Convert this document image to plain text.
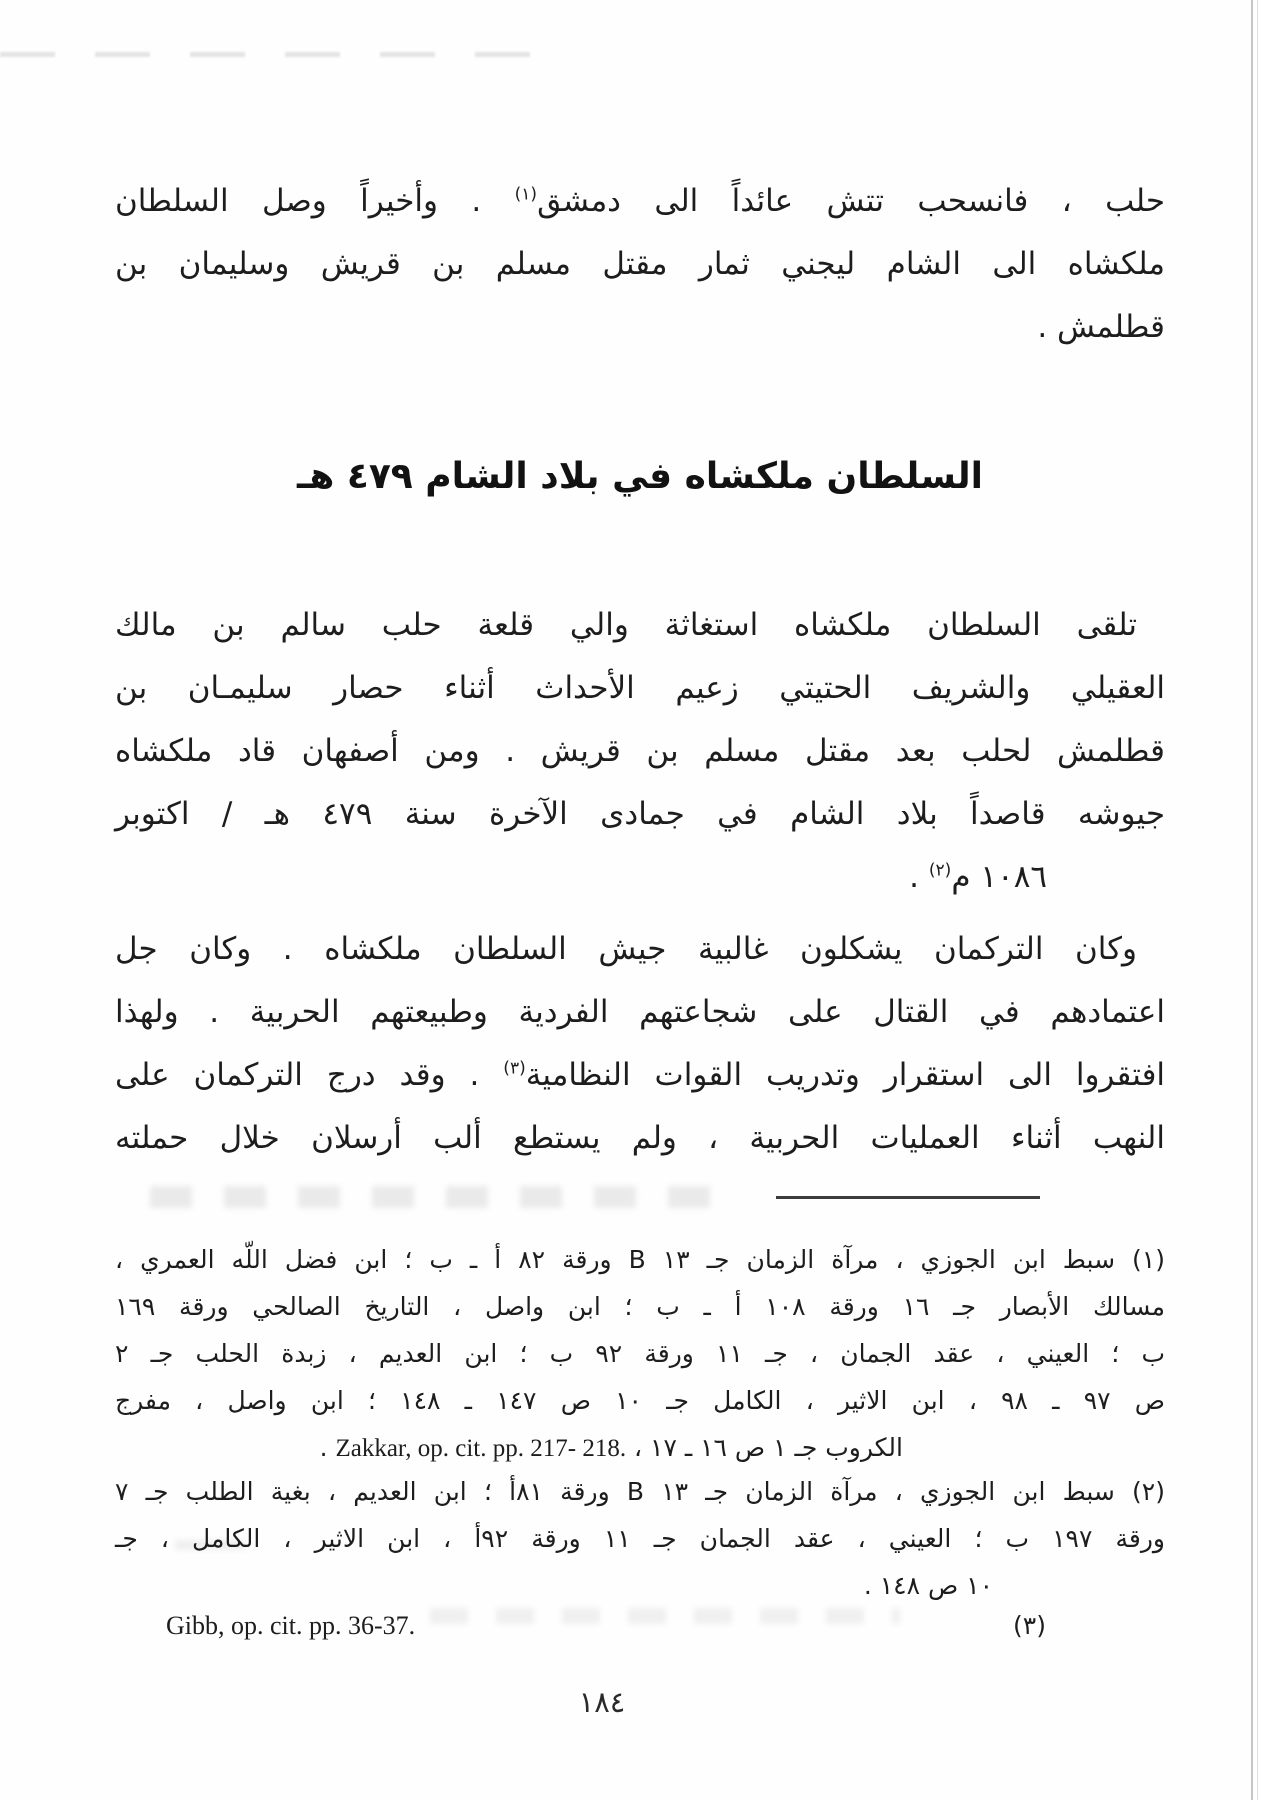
حلب ، فانسحب تتش عائداً الى دمشق$^{(١)}$ . وأخيراً وصل السلطان
ملكشاه الى الشام ليجني ثمار مقتل مسلم بن قريش وسليمان بن
قطلمش .
السلطان ملكشاه في بلاد الشام ٤٧٩ هـ
تلقى السلطان ملكشاه استغاثة والي قلعة حلب سالم بن مالك
العقيلي والشريف الحتيتي زعيم الأحداث أثناء حصار سليمـان بن
قطلمش لحلب بعد مقتل مسلم بن قريش . ومن أصفهان قاد ملكشاه
جيوشه قاصداً بلاد الشام في جمادى الآخرة سنة ٤٧٩ هـ / اكتوبر
١٠٨٦ م$^{(٢)}$ .
وكان التركمان يشكلون غالبية جيش السلطان ملكشاه . وكان جل
اعتمادهم في القتال على شجاعتهم الفردية وطبيعتهم الحربية . ولهذا
افتقروا الى استقرار وتدريب القوات النظامية$^{(٣)}$ . وقد درج التركمان على
النهب أثناء العمليات الحربية ، ولم يستطع ألب أرسلان خلال حملته
(١) سبط ابن الجوزي ، مرآة الزمان جـ ١٣ B ورقة ٨٢ أ ـ ب ؛ ابن فضل اللّه العمري ،
مسالك الأبصار جـ ١٦ ورقة ١٠٨ أ ـ ب ؛ ابن واصل ، التاريخ الصالحي ورقة ١٦٩
ب ؛ العيني ، عقد الجمان ، جـ ١١ ورقة ٩٢ ب ؛ ابن العديم ، زبدة الحلب جـ ٢
ص ٩٧ ـ ٩٨ ، ابن الاثير ، الكامل جـ ١٠ ص ١٤٧ ـ ١٤٨ ؛ ابن واصل ، مفرج
الكروب جـ ١ ص ١٦ ـ ١٧ ، Zakkar, op. cit. pp. 217- 218. .
(٢) سبط ابن الجوزي ، مرآة الزمان جـ ١٣ B ورقة ٨١أ ؛ ابن العديم ، بغية الطلب جـ ٧
ورقة ١٩٧ ب ؛ العيني ، عقد الجمان جـ ١١ ورقة ٩٢أ ، ابن الاثير ، الكامل ، جـ
١٠ ص ١٤٨ .
(٣)
Gibb, op. cit. pp. 36-37.
١٨٤
